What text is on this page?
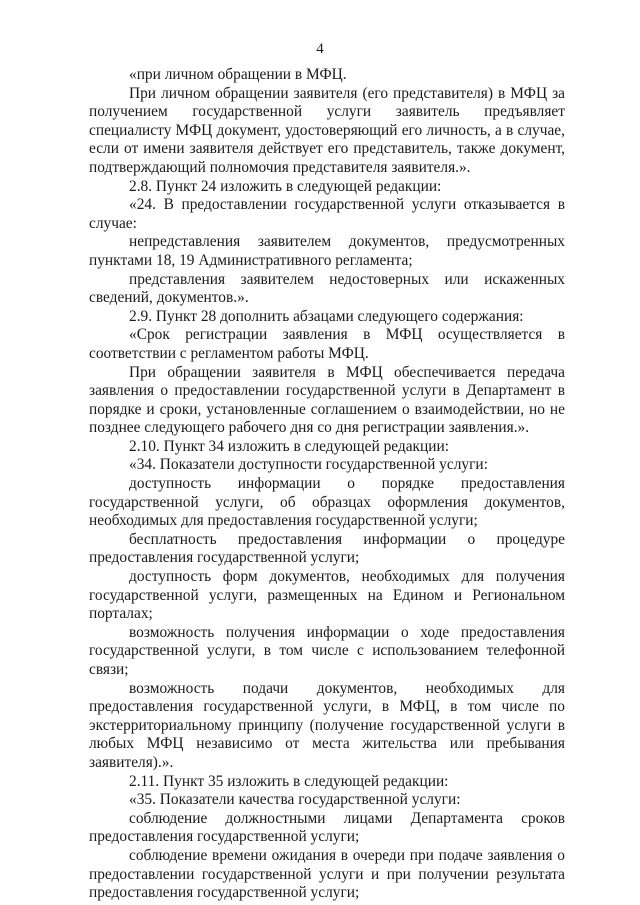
4

«при личном обращении в МФЦ.

При личном обращении заявителя (его представителя) в МФЦ за получением государственной услуги заявитель предъявляет специалисту МФЦ документ, удостоверяющий его личность, а в случае, если от имени заявителя действует его представитель, также документ, подтверждающий полномочия представителя заявителя.».

2.8. Пункт 24 изложить в следующей редакции:

«24. В предоставлении государственной услуги отказывается в случае:

непредставления заявителем документов, предусмотренных пунктами 18, 19 Административного регламента;

представления заявителем недостоверных или искаженных сведений, документов.».

2.9. Пункт 28 дополнить абзацами следующего содержания:

«Срок регистрации заявления в МФЦ осуществляется в соответствии с регламентом работы МФЦ.

При обращении заявителя в МФЦ обеспечивается передача заявления о предоставлении государственной услуги в Департамент в порядке и сроки, установленные соглашением о взаимодействии, но не позднее следующего рабочего дня со дня регистрации заявления.».

2.10. Пункт 34 изложить в следующей редакции:

«34. Показатели доступности государственной услуги:

доступность информации о порядке предоставления государственной услуги, об образцах оформления документов, необходимых для предоставления государственной услуги;

бесплатность предоставления информации о процедуре предоставления государственной услуги;

доступность форм документов, необходимых для получения государственной услуги, размещенных на Едином и Региональном порталах;

возможность получения информации о ходе предоставления государственной услуги, в том числе с использованием телефонной связи;

возможность подачи документов, необходимых для предоставления государственной услуги, в МФЦ, в том числе по экстерриториальному принципу (получение государственной услуги в любых МФЦ независимо от места жительства или пребывания заявителя).».

2.11. Пункт 35 изложить в следующей редакции:

«35. Показатели качества государственной услуги:

соблюдение должностными лицами Департамента сроков предоставления государственной услуги;

соблюдение времени ожидания в очереди при подаче заявления о предоставлении государственной услуги и при получении результата предоставления государственной услуги;
